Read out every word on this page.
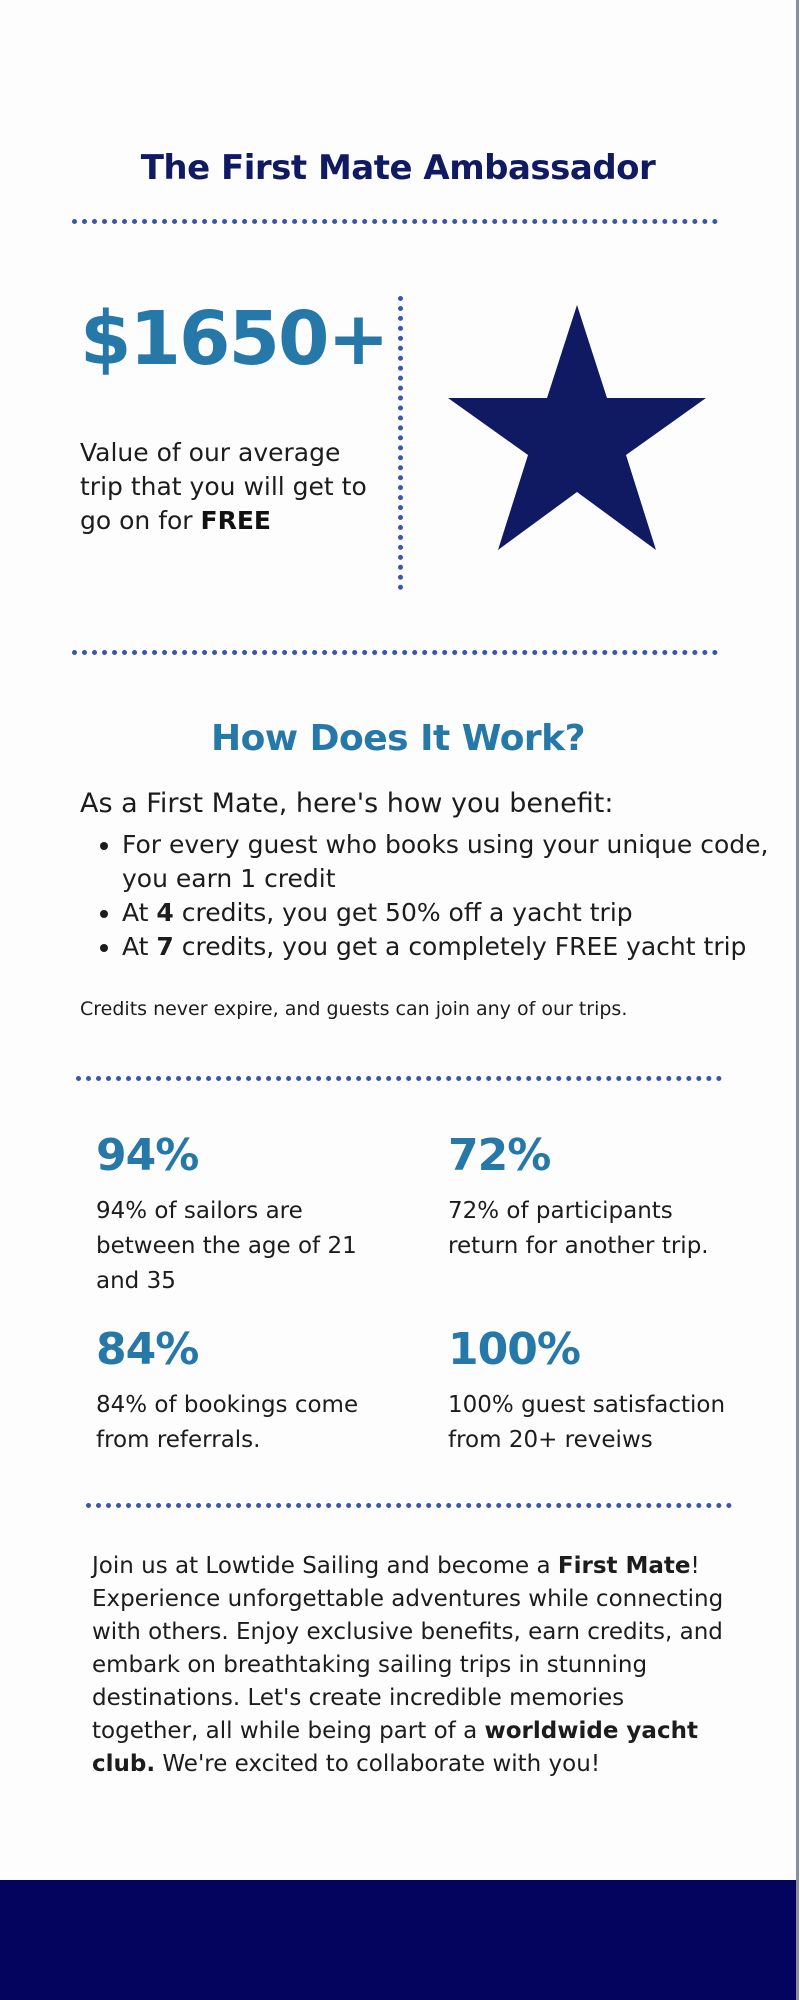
The First Mate Ambassador
$1650+
Value of our average trip that you will get to go on for FREE
How Does It Work?
As a First Mate, here's how you benefit:
• For every guest who books using your unique code, you earn 1 credit
• At 4 credits, you get 50% off a yacht trip
• At 7 credits, you get a completely FREE yacht trip
Credits never expire, and guests can join any of our trips.
94%
94% of sailors are between the age of 21 and 35
72%
72% of participants return for another trip.
84%
84% of bookings come from referrals.
100%
100% guest satisfaction from 20+ reveiws
Join us at Lowtide Sailing and become a First Mate! Experience unforgettable adventures while connecting with others. Enjoy exclusive benefits, earn credits, and embark on breathtaking sailing trips in stunning destinations. Let's create incredible memories together, all while being part of a worldwide yacht club. We're excited to collaborate with you!
